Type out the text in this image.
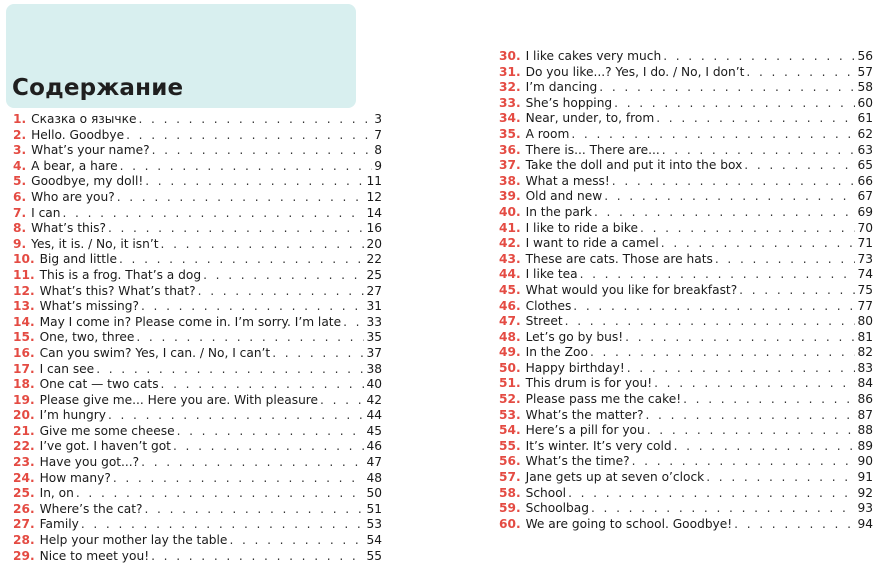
Содержание
1. Сказка о язычке . . .	3
2. Hello. Goodbye . . .	7
3. What’s your name? . . .	8
4. A bear, a hare . . .	9
5. Goodbye, my doll! . . .	11
6. Who are you? . . .	12
7. I can . . .	14
8. What’s this? . . .	16
9. Yes, it is. / No, it isn’t . . .	20
10. Big and little . . .	22
11. This is a frog. That’s a dog . . .	25
12. What’s this? What’s that? . . .	27
13. What’s missing? . . .	31
14. May I come in? Please come in. I’m sorry. I’m late . . . 33
15. One, two, three . . .	35
16. Can you swim? Yes, I can. / No, I can’t . . .	37
17. I can see . . .	38
18. One cat — two cats . . .	40
19. Please give me... Here you are. With pleasure . . .	42
20. I’m hungry . . .	44
21. Give me some cheese . . .	45
22. I’ve got. I haven’t got . . .	46
23. Have you got...? . . .	47
24. How many? . . .	48
25. In, on . . .	50
26. Where’s the cat? . . .	51
27. Family . . .	53
28. Help your mother lay the table . . .	54
29. Nice to meet you! . . .	55
30. I like cakes very much . . .	56
31. Do you like...? Yes, I do. / No, I don’t . . .	57
32. I’m dancing . . .	58
33. She’s hopping . . .	60
34. Near, under, to, from . . .	61
35. A room . . .	62
36. There is... There are... . . .	63
37. Take the doll and put it into the box . . .	65
38. What a mess! . . .	66
39. Old and new . . .	67
40. In the park . . .	69
41. I like to ride a bike . . .	70
42. I want to ride a camel . . .	71
43. These are cats. Those are hats . . .	73
44. I like tea . . .	74
45. What would you like for breakfast? . . .	75
46. Clothes . . .	77
47. Street . . .	80
48. Let’s go by bus! . . .	81
49. In the Zoo . . .	82
50. Happy birthday! . . .	83
51. This drum is for you! . . .	84
52. Please pass me the cake! . . .	86
53. What’s the matter? . . .	87
54. Here’s a pill for you . . .	88
55. It’s winter. It’s very cold . . .	89
56. What’s the time? . . .	90
57. Jane gets up at seven o’clock . . .	91
58. School . . .	92
59. Schoolbag . . .	93
60. We are going to school. Goodbye! . . .	94
